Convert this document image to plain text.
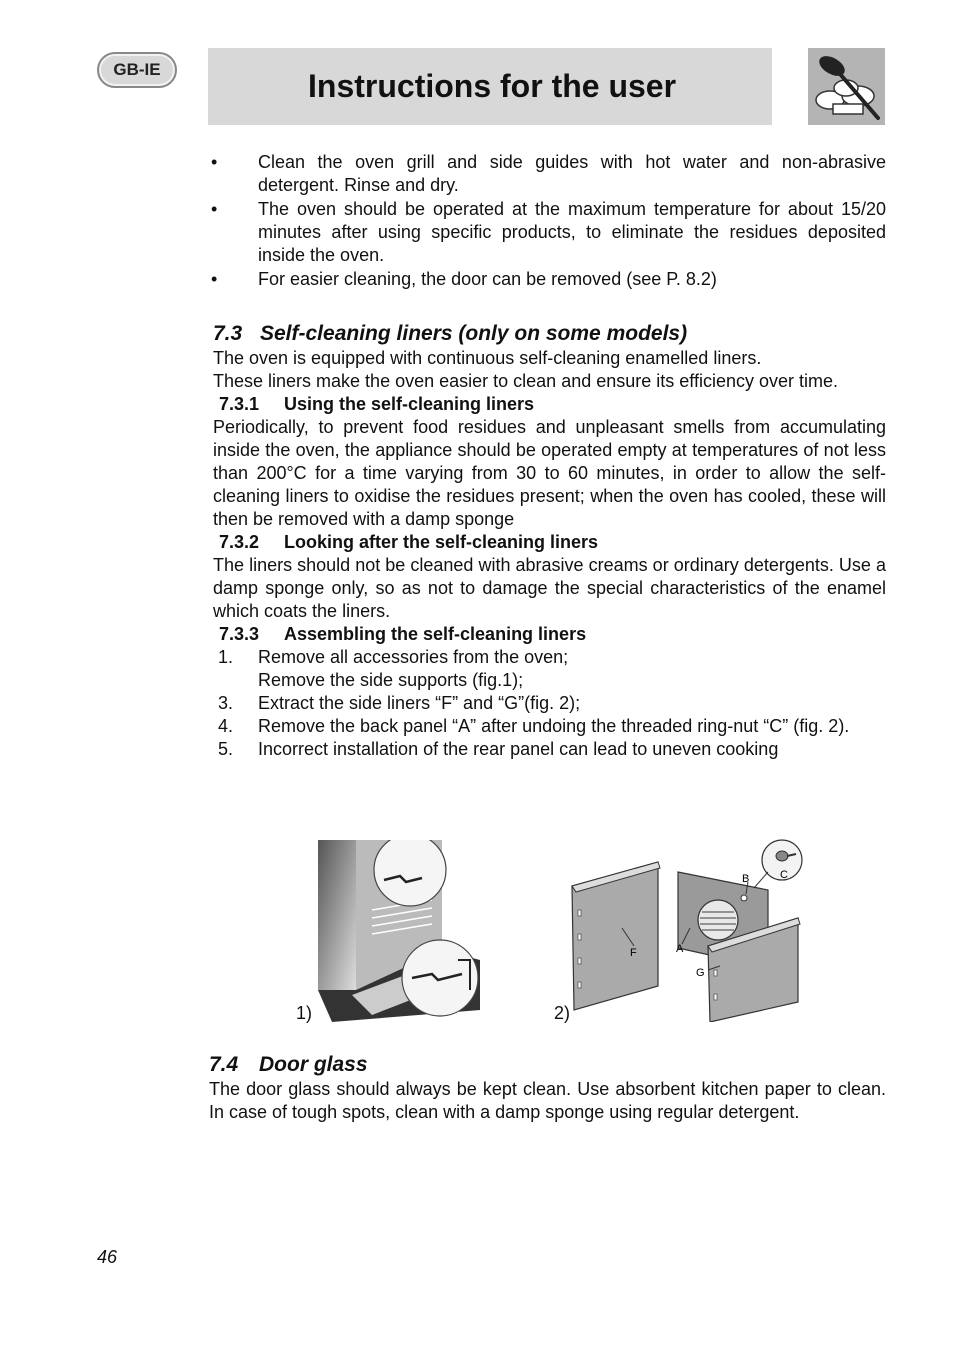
GB-IE	Instructions for the user
• Clean the oven grill and side guides with hot water and non-abrasive detergent. Rinse and dry.
• The oven should be operated at the maximum temperature for about 15/20 minutes after using specific products, to eliminate the residues deposited inside the oven.
• For easier cleaning, the door can be removed (see P. 8.2)
7.3 Self-cleaning liners (only on some models)

The oven is equipped with continuous self-cleaning enamelled liners.

These liners make the oven easier to clean and ensure its efficiency over time.

7.3.1 Using the self-cleaning liners

Periodically, to prevent food residues and unpleasant smells from accumulating inside the oven, the appliance should be operated empty at temperatures of not less than 200°C for a time varying from 30 to 60 minutes, in order to allow the self-cleaning liners to oxidise the residues present; when the oven has cooled, these will then be removed with a damp sponge

7.3.2 Looking after the self-cleaning liners

The liners should not be cleaned with abrasive creams or ordinary detergents. Use a damp sponge only, so as not to damage the special characteristics of the enamel which coats the liners.

7.3.3 Assembling the self-cleaning liners
1. Remove all accessories from the oven;
Remove the side supports (fig.1);
3. Extract the side liners “F” and “G”(fig. 2);
4. Remove the back panel “A” after undoing the threaded ring-nut “C” (fig. 2).
5. Incorrect installation of the rear panel can lead to uneven cooking
1)
B	C
F	A
G
2)
7.4 Door glass

The door glass should always be kept clean. Use absorbent kitchen paper to clean. In case of tough spots, clean with a damp sponge using regular detergent.

46
